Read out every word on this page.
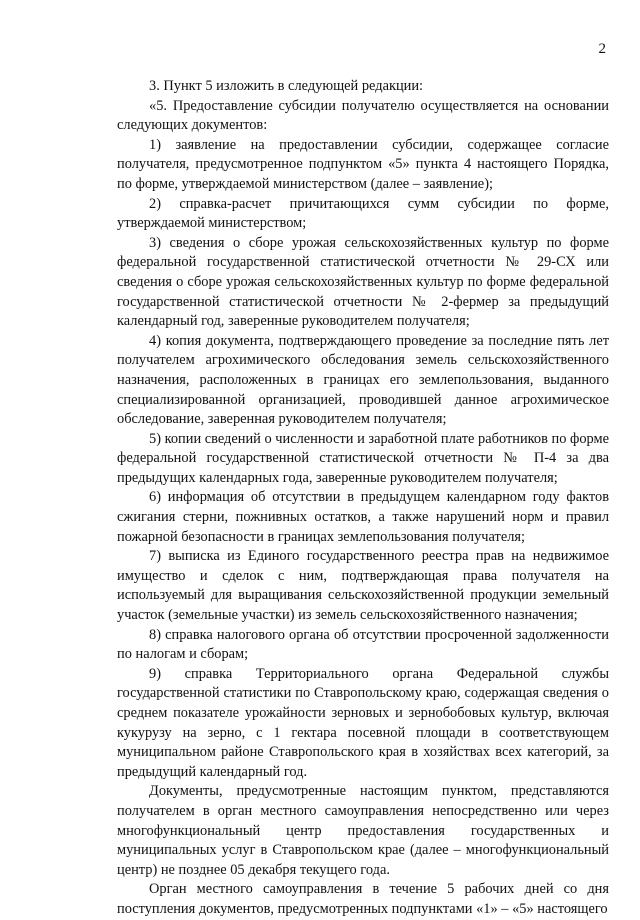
2

3. Пункт 5 изложить в следующей редакции:

«5. Предоставление субсидии получателю осуществляется на основании следующих документов:

1) заявление на предоставлении субсидии, содержащее согласие получателя, предусмотренное подпунктом «5» пункта 4 настоящего Порядка, по форме, утверждаемой министерством (далее – заявление);

2) справка-расчет причитающихся сумм субсидии по форме, утверждаемой министерством;

3) сведения о сборе урожая сельскохозяйственных культур по форме федеральной государственной статистической отчетности № 29-СХ или сведения о сборе урожая сельскохозяйственных культур по форме федеральной государственной статистической отчетности № 2-фермер за предыдущий календарный год, заверенные руководителем получателя;

4) копия документа, подтверждающего проведение за последние пять лет получателем агрохимического обследования земель сельскохозяйственного назначения, расположенных в границах его землепользования, выданного специализированной организацией, проводившей данное агрохимическое обследование, заверенная руководителем получателя;

5) копии сведений о численности и заработной плате работников по форме федеральной государственной статистической отчетности № П-4 за два предыдущих календарных года, заверенные руководителем получателя;

6) информация об отсутствии в предыдущем календарном году фактов сжигания стерни, пожнивных остатков, а также нарушений норм и правил пожарной безопасности в границах землепользования получателя;

7) выписка из Единого государственного реестра прав на недвижимое имущество и сделок с ним, подтверждающая права получателя на используемый для выращивания сельскохозяйственной продукции земельный участок (земельные участки) из земель сельскохозяйственного назначения;

8) справка налогового органа об отсутствии просроченной задолженности по налогам и сборам;

9) справка Территориального органа Федеральной службы государственной статистики по Ставропольскому краю, содержащая сведения о среднем показателе урожайности зерновых и зернобобовых культур, включая кукурузу на зерно, с 1 гектара посевной площади в соответствующем муниципальном районе Ставропольского края в хозяйствах всех категорий, за предыдущий календарный год.

Документы, предусмотренные настоящим пунктом, представляются получателем в орган местного самоуправления непосредственно или через многофункциональный центр предоставления государственных и муниципальных услуг в Ставропольском крае (далее – многофункциональный центр) не позднее 05 декабря текущего года.

Орган местного самоуправления в течение 5 рабочих дней со дня поступления документов, предусмотренных подпунктами «1» – «5» настоящего
